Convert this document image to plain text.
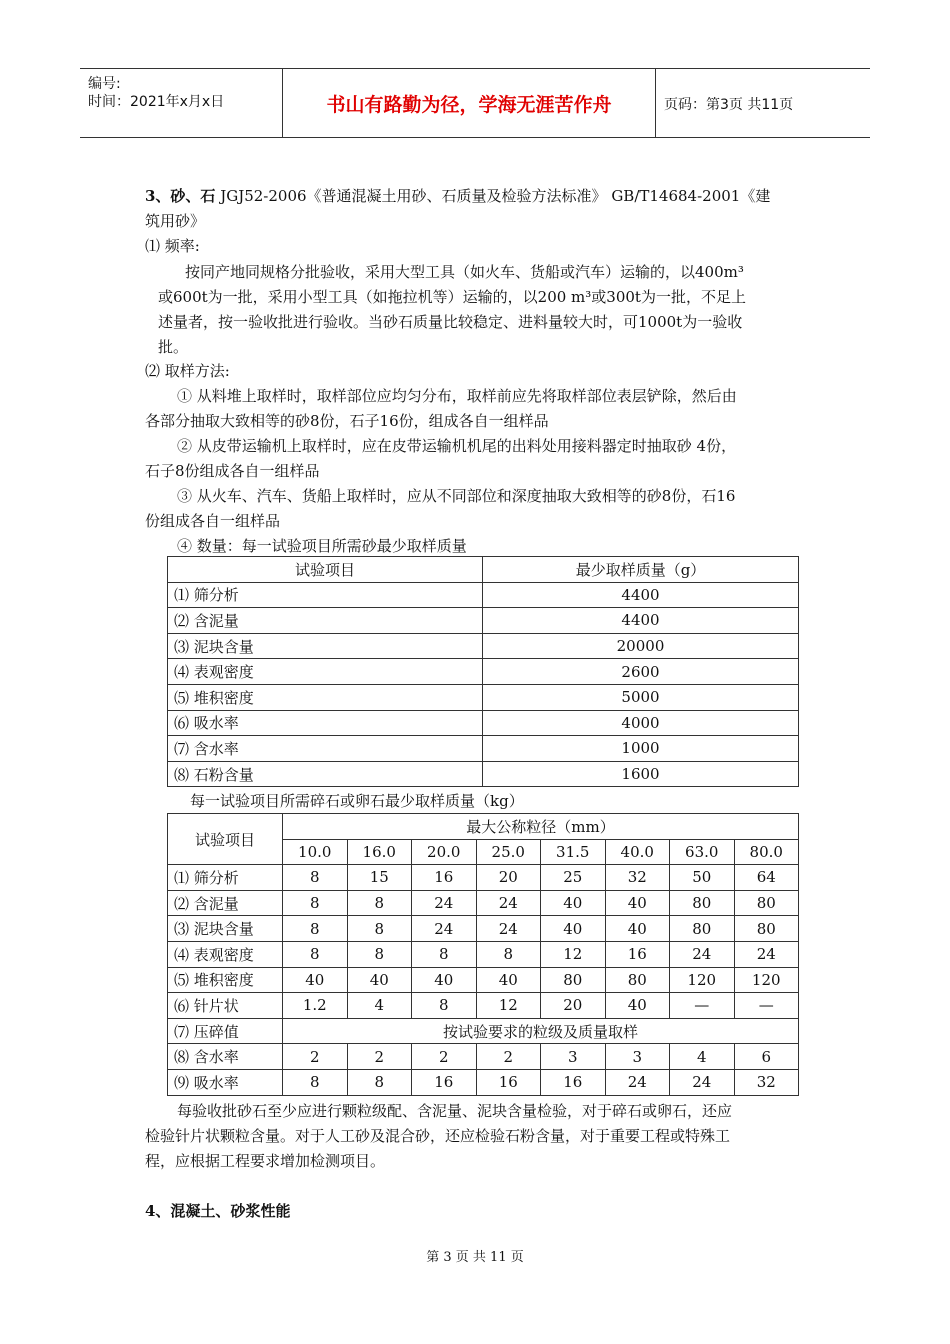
编号:
时间：2021年x月x日	书山有路勤为径，学海无涯苦作舟	页码：第3页 共11页
3、砂、石 JGJ52-2006《普通混凝土用砂、石质量及检验方法标准》 GB/T14684-2001《建
筑用砂》
⑴ 频率:
按同产地同规格分批验收，采用大型工具（如火车、货船或汽车）运输的，以400m³
或600t为一批，采用小型工具（如拖拉机等）运输的，以200 m³或300t为一批，不足上
述量者，按一验收批进行验收。当砂石质量比较稳定、进料量较大时，可1000t为一验收
批。
⑵ 取样方法:
① 从料堆上取样时，取样部位应均匀分布，取样前应先将取样部位表层铲除，然后由
各部分抽取大致相等的砂8份，石子16份，组成各自一组样品
② 从皮带运输机上取样时，应在皮带运输机机尾的出料处用接料器定时抽取砂 4份，
石子8份组成各自一组样品
③ 从火车、汽车、货船上取样时，应从不同部位和深度抽取大致相等的砂8份，石16
份组成各自一组样品
④ 数量：每一试验项目所需砂最少取样质量
试验项目	最少取样质量（g）
⑴ 筛分析	4400
⑵ 含泥量	4400
⑶ 泥块含量	20000
⑷ 表观密度	2600
⑸ 堆积密度	5000
⑹ 吸水率	4000
⑺ 含水率	1000
⑻ 石粉含量	1600
每一试验项目所需碎石或卵石最少取样质量（kg）
试验项目	最大公称粒径（mm）							
	10.0	16.0	20.0	25.0	31.5	40.0	63.0	80.0
⑴ 筛分析	8	15	16	20	25	32	50	64
⑵ 含泥量	8	8	24	24	40	40	80	80
⑶ 泥块含量	8	8	24	24	40	40	80	80
⑷ 表观密度	8	8	8	8	12	16	24	24
⑸ 堆积密度	40	40	40	40	80	80	120	120
⑹ 针片状	1.2	4	8	12	20	40	—	—
⑺ 压碎值	按试验要求的粒级及质量取样							
⑻ 含水率	2	2	2	2	3	3	4	6
⑼ 吸水率	8	8	16	16	16	24	24	32
每验收批砂石至少应进行颗粒级配、含泥量、泥块含量检验，对于碎石或卵石，还应
检验针片状颗粒含量。对于人工砂及混合砂，还应检验石粉含量，对于重要工程或特殊工
程，应根据工程要求增加检测项目。
4、混凝土、砂浆性能
第 3 页 共 11 页
